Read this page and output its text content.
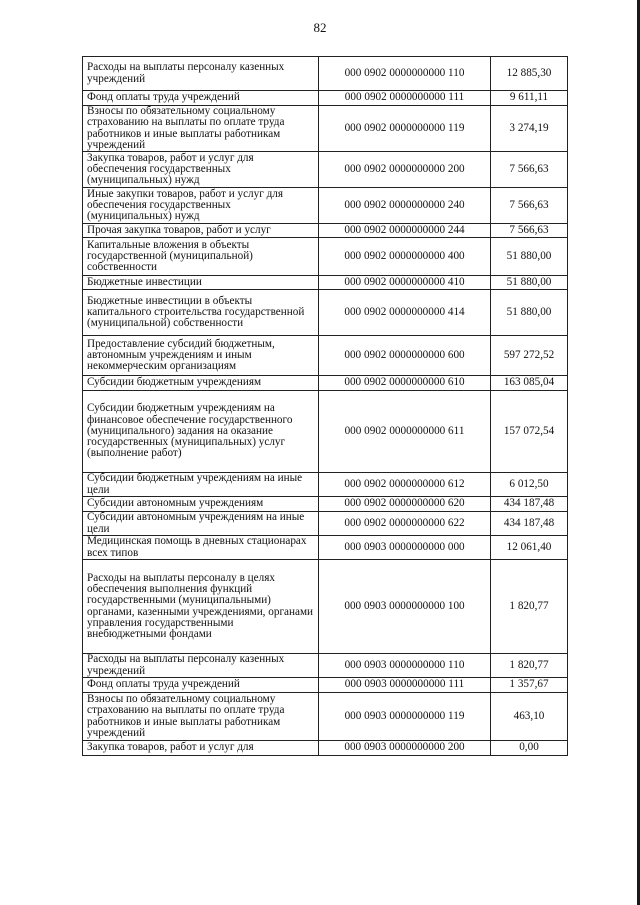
82
Расходы на выплаты персоналу казенных учреждений	000 0902 0000000000 110	12 885,30
Фонд оплаты труда учреждений	000 0902 0000000000 111	9 611,11
Взносы по обязательному социальному страхованию на выплаты по оплате труда работников и иные выплаты работникам учреждений	000 0902 0000000000 119	3 274,19
Закупка товаров, работ и услуг для обеспечения государственных (муниципальных) нужд	000 0902 0000000000 200	7 566,63
Иные закупки товаров, работ и услуг для обеспечения государственных (муниципальных) нужд	000 0902 0000000000 240	7 566,63
Прочая закупка товаров, работ и услуг	000 0902 0000000000 244	7 566,63
Капитальные вложения в объекты государственной (муниципальной) собственности	000 0902 0000000000 400	51 880,00
Бюджетные инвестиции	000 0902 0000000000 410	51 880,00
Бюджетные инвестиции в объекты капитального строительства государственной (муниципальной) собственности	000 0902 0000000000 414	51 880,00
Предоставление субсидий бюджетным, автономным учреждениям и иным некоммерческим организациям	000 0902 0000000000 600	597 272,52
Субсидии бюджетным учреждениям	000 0902 0000000000 610	163 085,04
Субсидии бюджетным учреждениям на финансовое обеспечение государственного (муниципального) задания на оказание государственных (муниципальных) услуг (выполнение работ)	000 0902 0000000000 611	157 072,54
Субсидии бюджетным учреждениям на иные цели	000 0902 0000000000 612	6 012,50
Субсидии автономным учреждениям	000 0902 0000000000 620	434 187,48
Субсидии автономным учреждениям на иные цели	000 0902 0000000000 622	434 187,48
Медицинская помощь в дневных стационарах всех типов	000 0903 0000000000 000	12 061,40
Расходы на выплаты персоналу в целях обеспечения выполнения функций государственными (муниципальными) органами, казенными учреждениями, органами управления государственными внебюджетными фондами	000 0903 0000000000 100	1 820,77
Расходы на выплаты персоналу казенных учреждений	000 0903 0000000000 110	1 820,77
Фонд оплаты труда учреждений	000 0903 0000000000 111	1 357,67
Взносы по обязательному социальному страхованию на выплаты по оплате труда работников и иные выплаты работникам учреждений	000 0903 0000000000 119	463,10
Закупка товаров, работ и услуг для	000 0903 0000000000 200	0,00
